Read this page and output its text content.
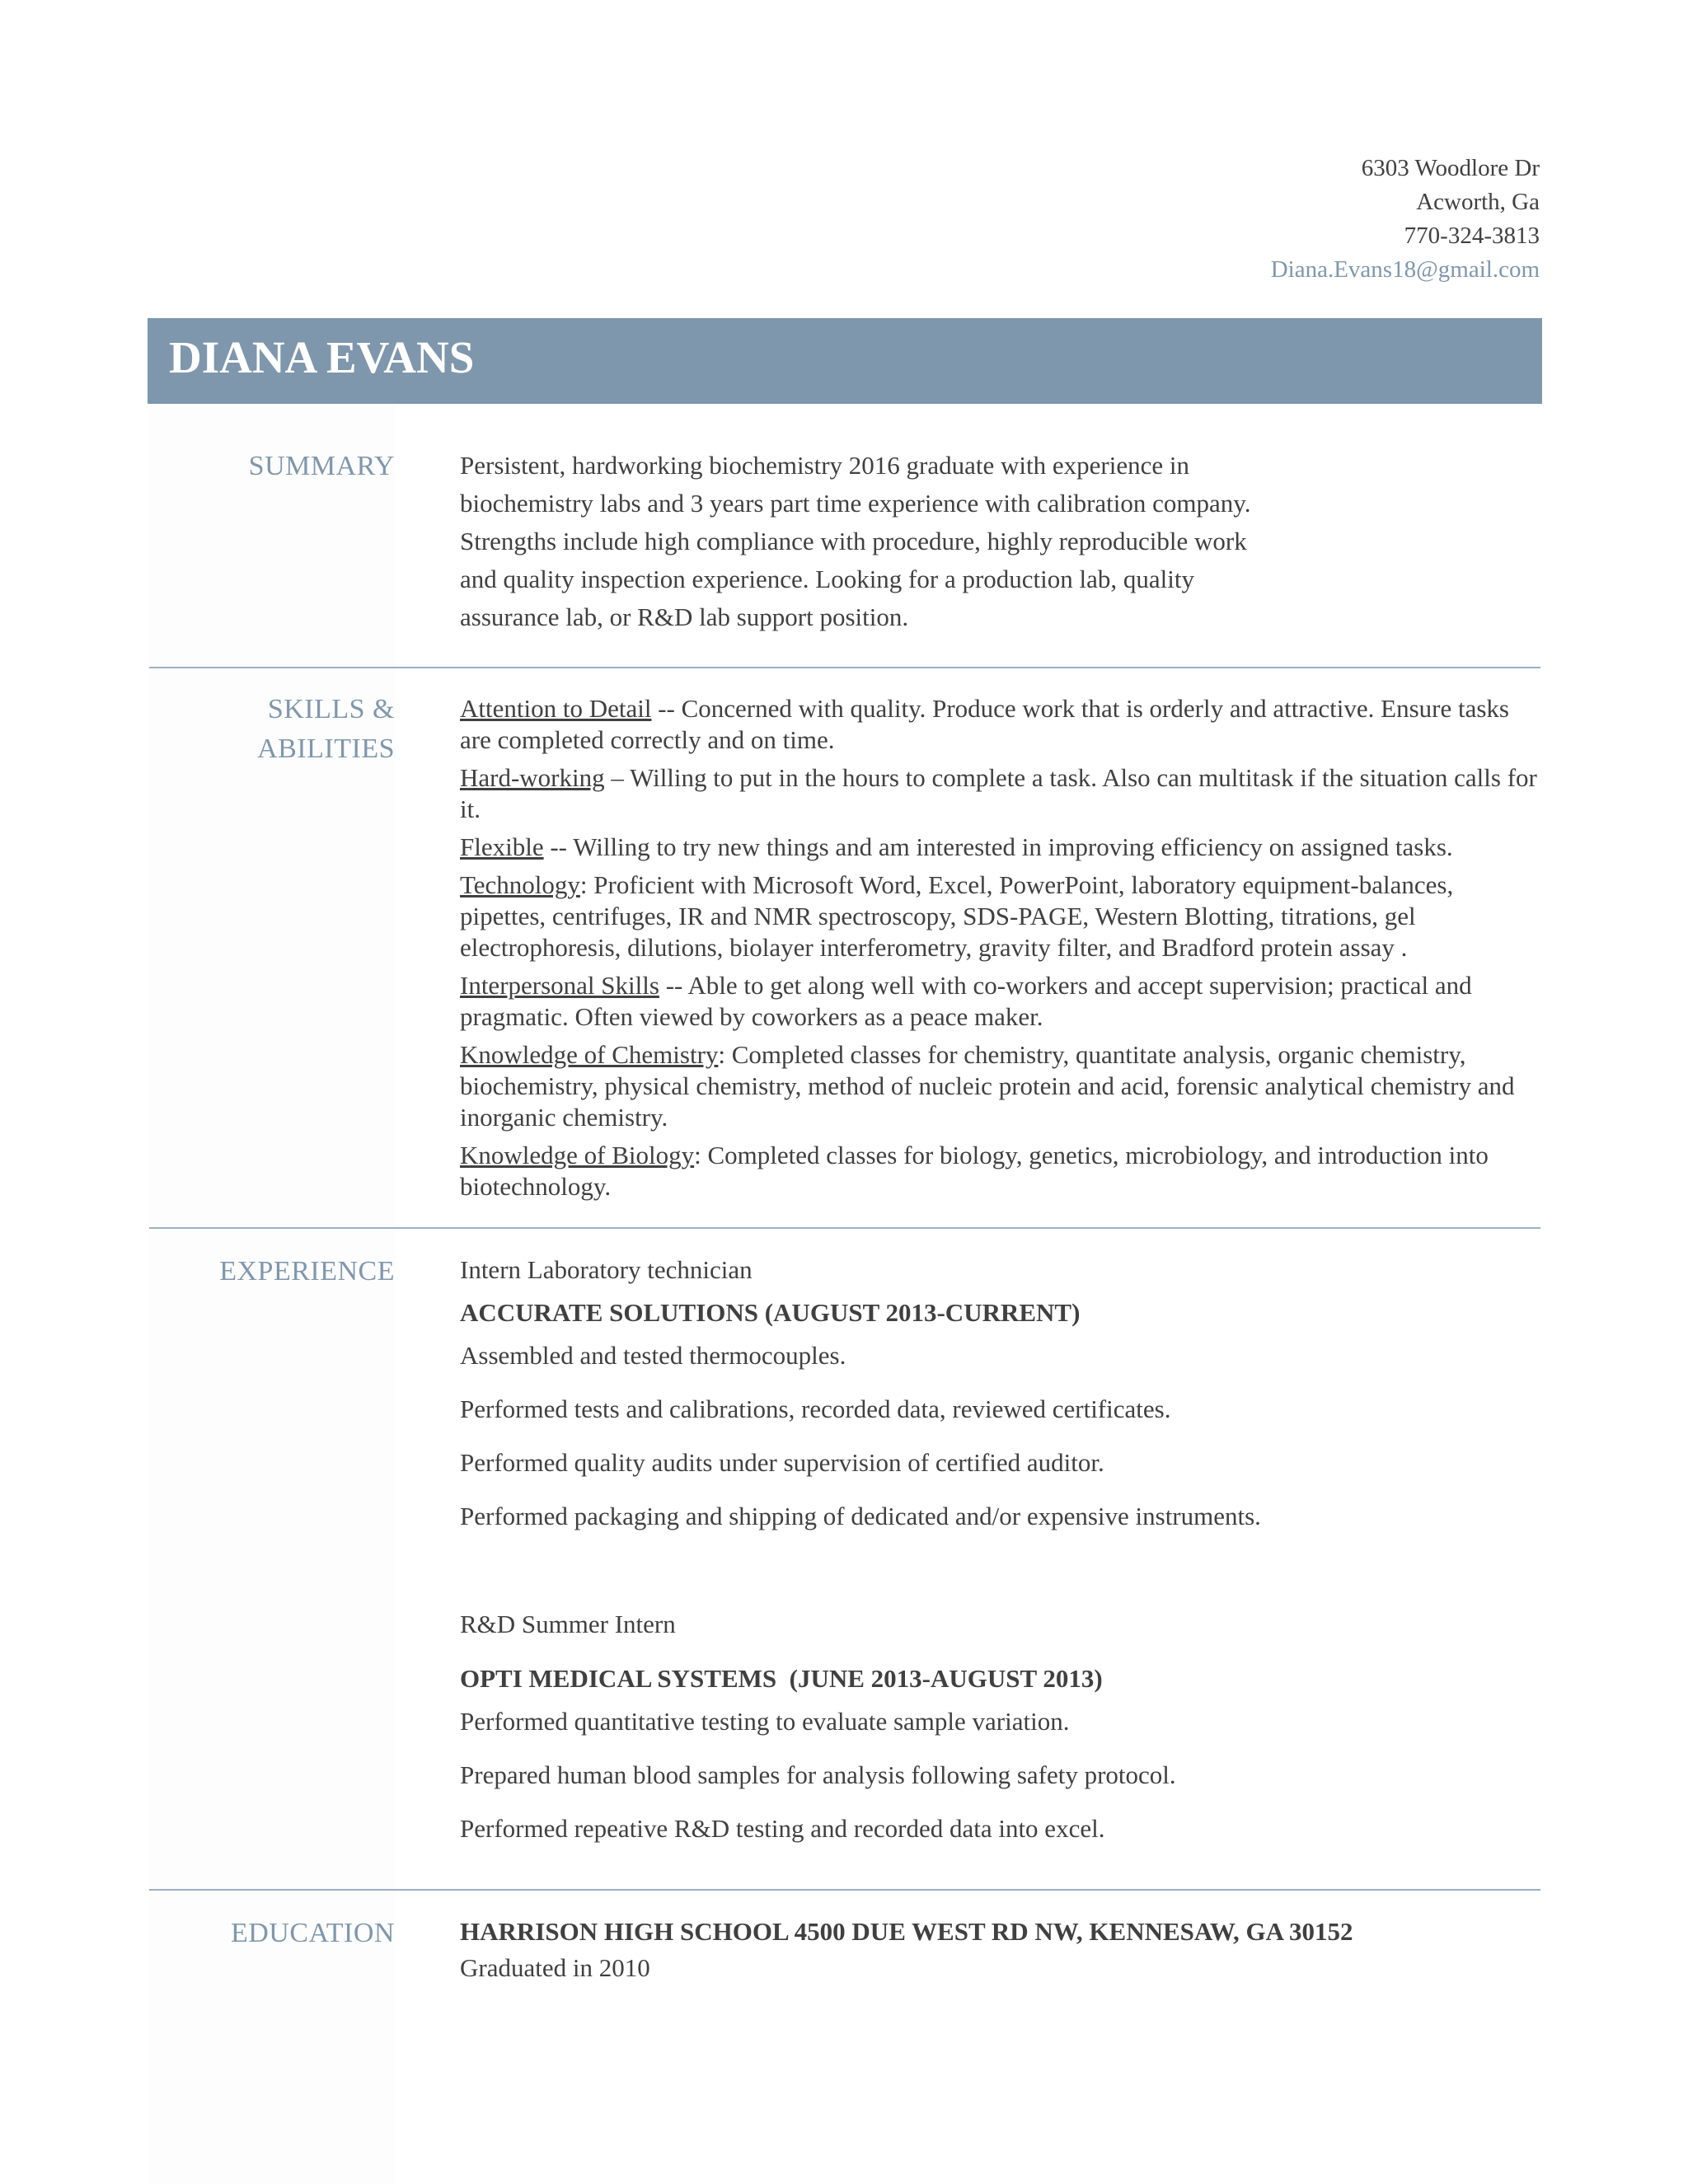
6303 Woodlore Dr
Acworth, Ga
770-324-3813
Diana.Evans18@gmail.com
DIANA EVANS
SUMMARY	Persistent, hardworking biochemistry 2016 graduate with experience in
biochemistry labs and 3 years part time experience with calibration company.
Strengths include high compliance with procedure, highly reproducible work
and quality inspection experience. Looking for a production lab, quality
assurance lab, or R&D lab support position.
SKILLS &
ABILITIES
Attention to Detail -- Concerned with quality. Produce work that is orderly and attractive. Ensure tasks are completed correctly and on time.
Hard-working – Willing to put in the hours to complete a task. Also can multitask if the situation calls for it.
Flexible -- Willing to try new things and am interested in improving efficiency on assigned tasks.
Technology: Proficient with Microsoft Word, Excel, PowerPoint, laboratory equipment-balances, pipettes, centrifuges, IR and NMR spectroscopy, SDS-PAGE, Western Blotting, titrations, gel electrophoresis, dilutions, biolayer interferometry, gravity filter, and Bradford protein assay .
Interpersonal Skills -- Able to get along well with co-workers and accept supervision; practical and pragmatic. Often viewed by coworkers as a peace maker.
Knowledge of Chemistry: Completed classes for chemistry, quantitate analysis, organic chemistry, biochemistry, physical chemistry, method of nucleic protein and acid, forensic analytical chemistry and inorganic chemistry.
Knowledge of Biology: Completed classes for biology, genetics, microbiology, and introduction into biotechnology.
EXPERIENCE	Intern Laboratory technician
ACCURATE SOLUTIONS (AUGUST 2013-CURRENT)
Assembled and tested thermocouples.
Performed tests and calibrations, recorded data, reviewed certificates.
Performed quality audits under supervision of certified auditor.
Performed packaging and shipping of dedicated and/or expensive instruments.
R&D Summer Intern
OPTI MEDICAL SYSTEMS  (JUNE 2013-AUGUST 2013)
Performed quantitative testing to evaluate sample variation.
Prepared human blood samples for analysis following safety protocol.
Performed repeative R&D testing and recorded data into excel.
EDUCATION	HARRISON HIGH SCHOOL 4500 DUE WEST RD NW, KENNESAW, GA 30152
Graduated in 2010
